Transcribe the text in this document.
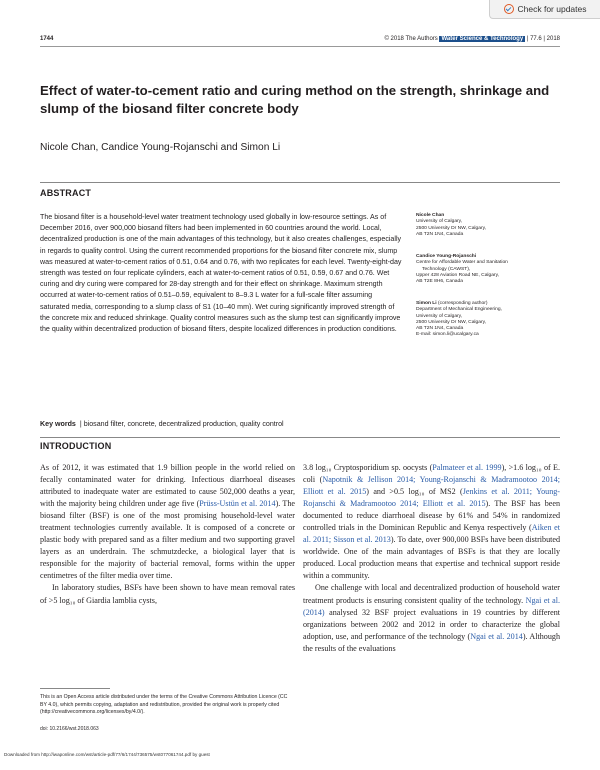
Check for updates
1744	© 2018 The Authors Water Science & Technology | 77.6 | 2018
Effect of water-to-cement ratio and curing method on the strength, shrinkage and slump of the biosand filter concrete body
Nicole Chan, Candice Young-Rojanschi and Simon Li
ABSTRACT
The biosand filter is a household-level water treatment technology used globally in low-resource settings. As of December 2016, over 900,000 biosand filters had been implemented in 60 countries around the world. Local, decentralized production is one of the main advantages of this technology, but it also creates challenges, especially in regards to quality control. Using the current recommended proportions for the biosand filter concrete mix, slump was measured at water-to-cement ratios of 0.51, 0.64 and 0.76, with two replicates for each level. Twenty-eight-day strength was tested on four replicate cylinders, each at water-to-cement ratios of 0.51, 0.59, 0.67 and 0.76. Wet curing and dry curing were compared for 28-day strength and for their effect on shrinkage. Maximum strength occurred at water-to-cement ratios of 0.51–0.59, equivalent to 8–9.3 L water for a full-scale filter assuming saturated media, corresponding to a slump class of S1 (10–40 mm). Wet curing significantly improved strength of the concrete mix and reduced shrinkage. Quality control measures such as the slump test can significantly improve the quality within decentralized production of biosand filters, despite localized differences in production conditions.
Key words | biosand filter, concrete, decentralized production, quality control
Nicole Chan
University of Calgary,
2500 University Dr NW, Calgary,
AB T2N 1N4, Canada
Candice Young-Rojanschi
Centre for Affordable Water and Sanitation
Technology (CAWST),
Upper 428 Aviation Road NE, Calgary,
AB T2E 8H6, Canada
Simon Li (corresponding author)
Department of Mechanical Engineering,
University of Calgary,
2500 University Dr NW, Calgary,
AB T2N 1N4, Canada
E-mail: simon.li@ucalgary.ca
INTRODUCTION

As of 2012, it was estimated that 1.9 billion people in the world relied on fecally contaminated water for drinking. Infectious diarrhoeal diseases attributed to inadequate water are estimated to cause 502,000 deaths a year, with the majority being children under age five (Prüss-Ustün et al. 2014). The biosand filter (BSF) is one of the most promising household-level water treatment technologies currently available. It is composed of a concrete or plastic body with prepared sand as a filter medium and two supporting gravel layers as an underdrain. The schmutzdecke, a biological layer that is responsible for the majority of bacterial removal, forms within the upper centimetres of the filter media over time.

In laboratory studies, BSFs have been shown to have mean removal rates of >5 log₁₀ of Giardia lamblia cysts,

3.8 log₁₀ Cryptosporidium sp. oocysts (Palmateer et al. 1999), >1.6 log₁₀ of E. coli (Napotnik & Jellison 2014; Young-Rojanschi & Madramootoo 2014; Elliott et al. 2015) and >0.5 log₁₀ of MS2 (Jenkins et al. 2011; Young-Rojanschi & Madramootoo 2014; Elliott et al. 2015). The BSF has been documented to reduce diarrhoeal disease by 61% and 54% in randomized controlled trials in the Dominican Republic and Kenya respectively (Aiken et al. 2011; Sisson et al. 2013). To date, over 900,000 BSFs have been distributed worldwide. One of the main advantages of BSFs is that they are locally produced. Local production means that expertise and technical support reside within a community.

One challenge with local and decentralized production of household water treatment products is ensuring consistent quality of the technology. Ngai et al. (2014) analysed 32 BSF project evaluations in 19 countries by different organizations between 2002 and 2012 in order to characterize the global adoption, use, and performance of the technology (Ngai et al. 2014). Although the results of the evaluations

This is an Open Access article distributed under the terms of the Creative Commons Attribution Licence (CC BY 4.0), which permits copying, adaptation and redistribution, provided the original work is properly cited (http://creativecommons.org/licenses/by/4.0/).
doi: 10.2166/wst.2018.063
Downloaded from http://iwaponline.com/wst/article-pdf/77/6/1744/736575/wst077061744.pdf by guest
